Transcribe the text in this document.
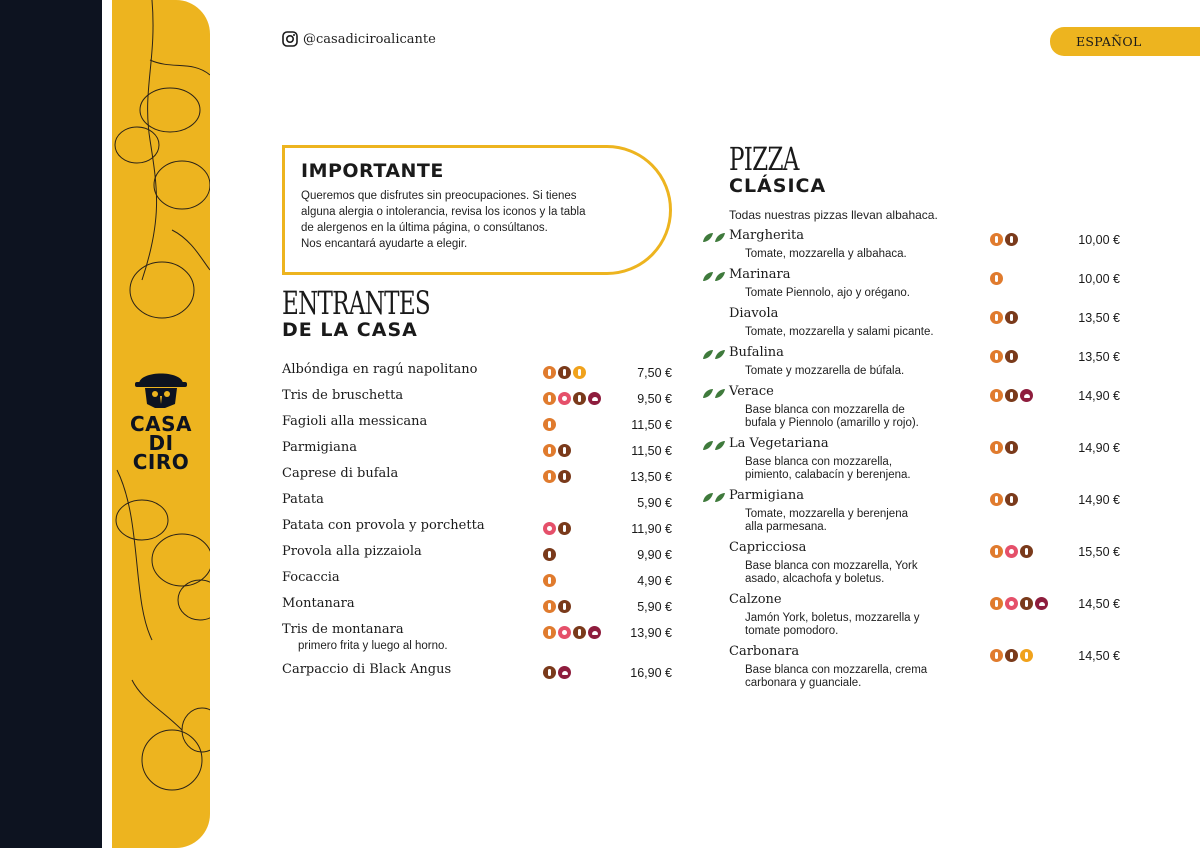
CASA
DI CIRO
@casadiciroalicante	ESPAÑOL
IMPORTANTE
Queremos que disfrutes sin preocupaciones. Si tienes
alguna alergia o intolerancia, revisa los iconos y la tabla
de alergenos en la última página, o consúltanos.
Nos encantará ayudarte a elegir.
ENTRANTES
DE LA CASA
Albóndiga en ragú napolitano	7,50 €
Tris de bruschetta	9,50 €
Fagioli alla messicana	11,50 €
Parmigiana	11,50 €
Caprese di bufala	13,50 €
Patata	5,90 €
Patata con provola y porchetta	11,90 €
Provola alla pizzaiola	9,90 €
Focaccia	4,90 €
Montanara	5,90 €
Tris de montanara
primero frita y luego al horno.
13,90 €
Carpaccio di Black Angus	16,90 €
PIZZA
CLÁSICA
Todas nuestras pizzas llevan albahaca.
Margherita
Tomate, mozzarella y albahaca.
10,00 €
Marinara
Tomate Piennolo, ajo y orégano.
10,00 €
Diavola
Tomate, mozzarella y salami picante.
13,50 €
Bufalina
Tomate y mozzarella de búfala.
13,50 €
Verace
Base blanca con mozzarella de
bufala y Piennolo (amarillo y rojo).
14,90 €
La Vegetariana
Base blanca con mozzarella,
pimiento, calabacín y berenjena.
14,90 €
Parmigiana
Tomate, mozzarella y berenjena
alla parmesana.
14,90 €
Capricciosa
Base blanca con mozzarella, York
asado, alcachofa y boletus.
15,50 €
Calzone
Jamón York, boletus, mozzarella y
tomate pomodoro.
14,50 €
Carbonara
Base blanca con mozzarella, crema
carbonara y guanciale.
14,50 €
